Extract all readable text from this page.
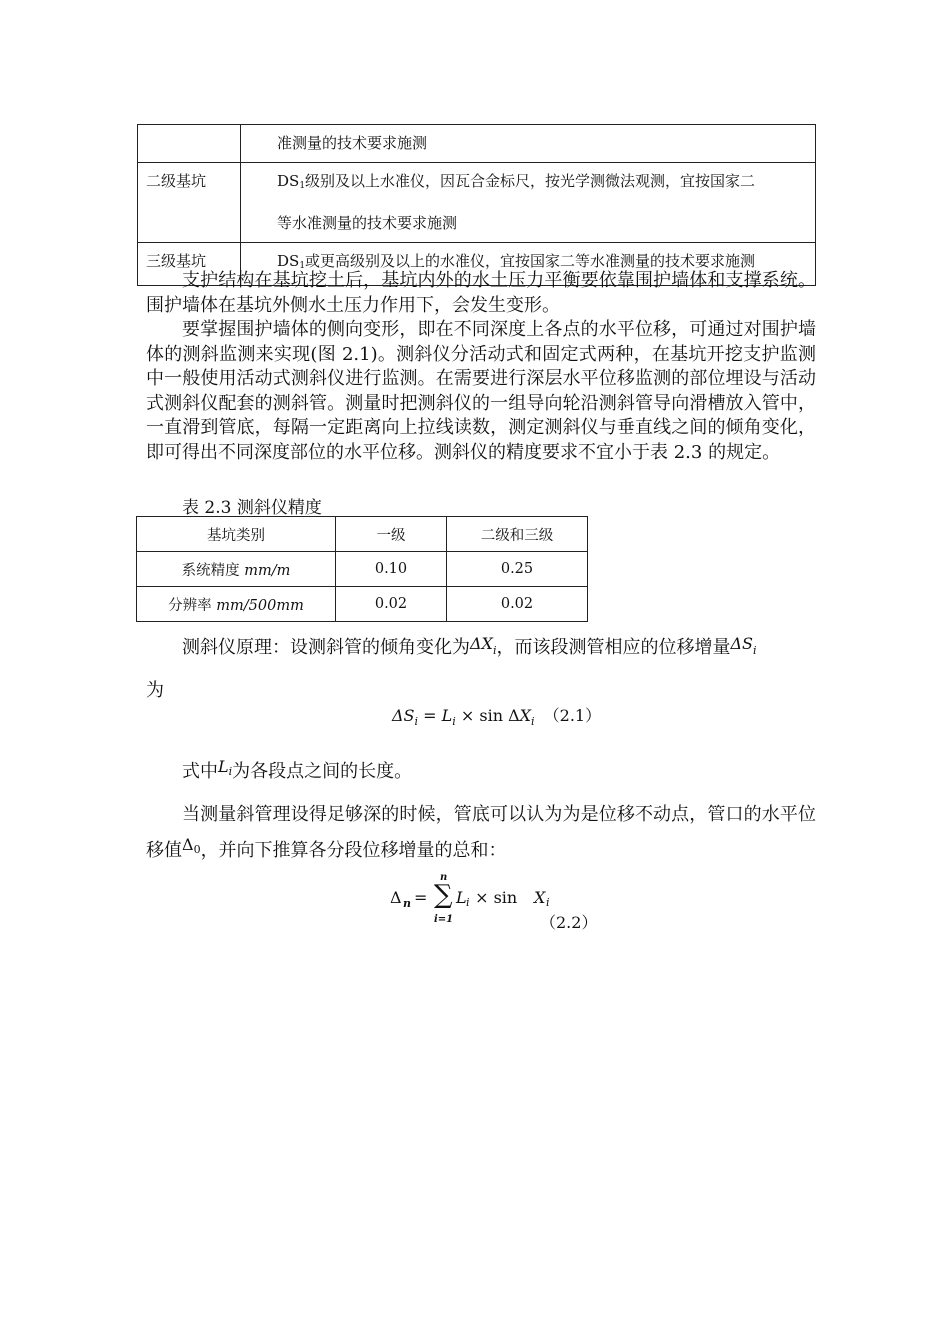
	准测量的技术要求施测
二级基坑	$DS_1$级别及以上水准仪，因瓦合金标尺，按光学测微法观测，宜按国家二
等水准测量的技术要求施测

三级基坑	$DS_1$或更高级别及以上的水准仪，宜按国家二等水准测量的技术要求施测
支护结构在基坑挖土后，基坑内外的水土压力平衡要依靠围护墙体和支撑系统。围护墙体在基坑外侧水土压力作用下，会发生变形。
要掌握围护墙体的侧向变形，即在不同深度上各点的水平位移，可通过对围护墙体的测斜监测来实现(图 2.1)。测斜仪分活动式和固定式两种，在基坑开挖支护监测中一般使用活动式测斜仪进行监测。在需要进行深层水平位移监测的部位埋设与活动式测斜仪配套的测斜管。测量时把测斜仪的一组导向轮沿测斜管导向滑槽放入管中，一直滑到管底，每隔一定距离向上拉线读数，测定测斜仪与垂直线之间的倾角变化，即可得出不同深度部位的水平位移。测斜仪的精度要求不宜小于表 2.3 的规定。
表 2.3 测斜仪精度
基坑类别	一级	二级和三级
系统精度 mm/m	0.10	0.25
分辨率 mm/500mm	0.02	0.02
测斜仪原理：设测斜管的倾角变化为ΔXi，而该段测管相应的位移增量ΔSi
为
$\Delta S_i = L_i \times \sin \Delta X_i$ （2.1）
式中Li为各段点之间的长度。
当测量斜管理设得足够深的时候，管底可以认为为是位移不动点，管口的水平位移值Δ0，并向下推算各分段位移增量的总和：
Δ n = ∑
n
i=1
L i × sin X i
（2.2）
